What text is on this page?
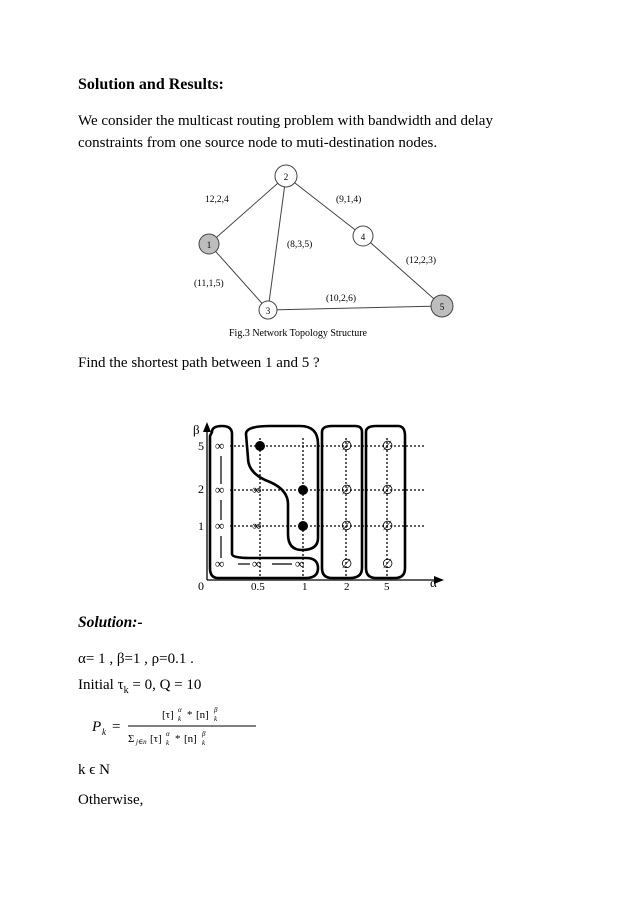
Solution and Results:
We consider the multicast routing problem with bandwidth and delay constraints from one source node to muti-destination nodes.
1
2
3
4
5
12,2,4	(9,1,4)
(8,3,5)
(12,2,3)
(11,1,5)
(10,2,6)
Fig.3 Network Topology Structure
Find the shortest path between 1 and 5 ?
β
α
0
5
2
1
0.5	1	2	5
∞
∞
∞
∞
∞
∞
∞	∞
∅ ∅
∅ ∅
∅ ∅
∅ ∅
Solution:-
α= 1 , β=1 , ρ=0.1 .
Initial $\tau_k = 0$, Q = 10
P k =
[τ] k
α * [n] k
β
Σ j∈n [τ] k
α * [n] k
β
k ϵ N
Otherwise,
